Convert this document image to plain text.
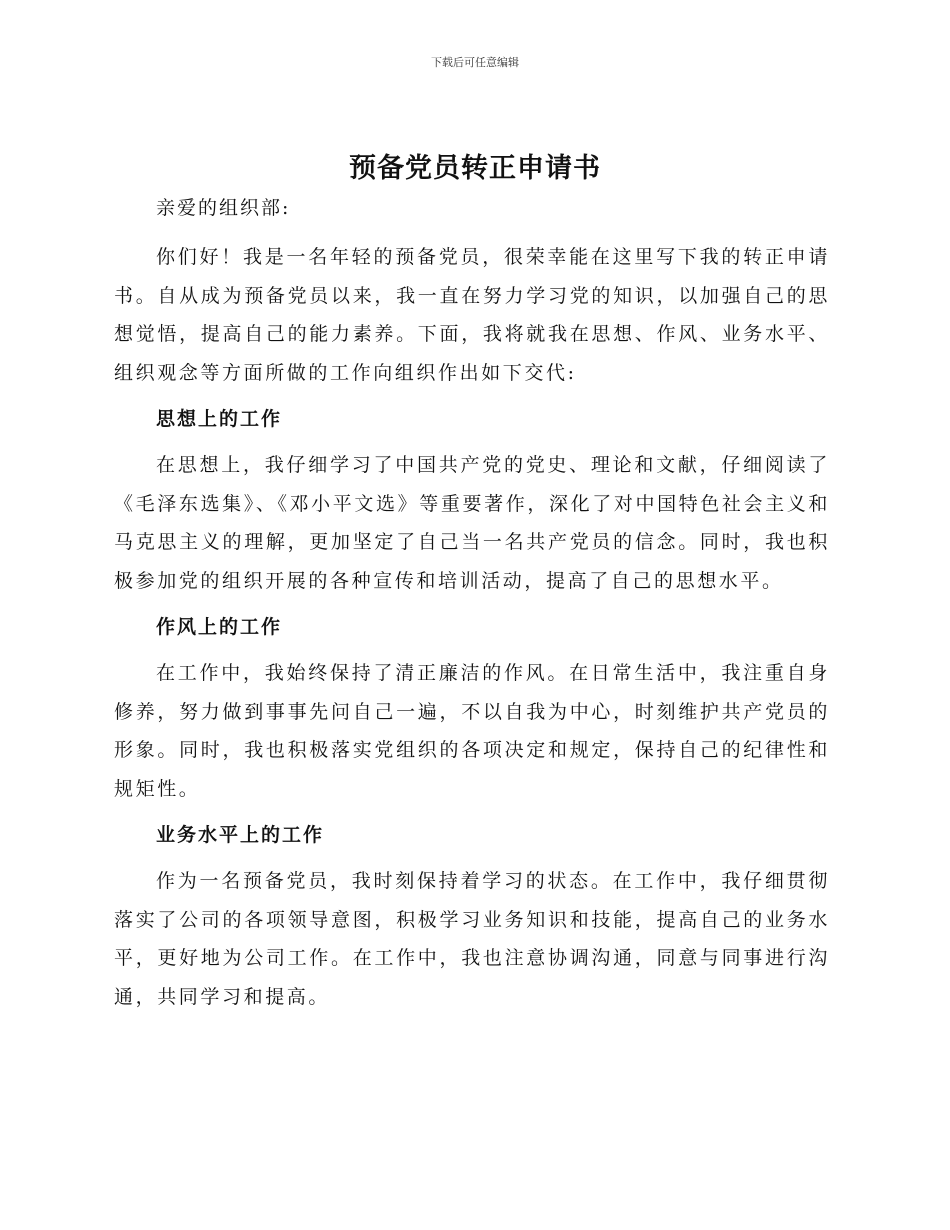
下载后可任意编辑
预备党员转正申请书

亲爱的组织部:

你们好！我是一名年轻的预备党员，很荣幸能在这里写下我的转正申请书。自从成为预备党员以来，我一直在努力学习党的知识，以加强自己的思想觉悟，提高自己的能力素养。下面，我将就我在思想、作风、业务水平、组织观念等方面所做的工作向组织作出如下交代:

思想上的工作

在思想上，我仔细学习了中国共产党的党史、理论和文献，仔细阅读了《毛泽东选集》、《邓小平文选》等重要著作，深化了对中国特色社会主义和马克思主义的理解，更加坚定了自己当一名共产党员的信念。同时，我也积极参加党的组织开展的各种宣传和培训活动，提高了自己的思想水平。

作风上的工作

在工作中，我始终保持了清正廉洁的作风。在日常生活中，我注重自身修养，努力做到事事先问自己一遍，不以自我为中心，时刻维护共产党员的形象。同时，我也积极落实党组织的各项决定和规定，保持自己的纪律性和规矩性。

业务水平上的工作

作为一名预备党员，我时刻保持着学习的状态。在工作中，我仔细贯彻落实了公司的各项领导意图，积极学习业务知识和技能，提高自己的业务水平，更好地为公司工作。在工作中，我也注意协调沟通，同意与同事进行沟通，共同学习和提高。
